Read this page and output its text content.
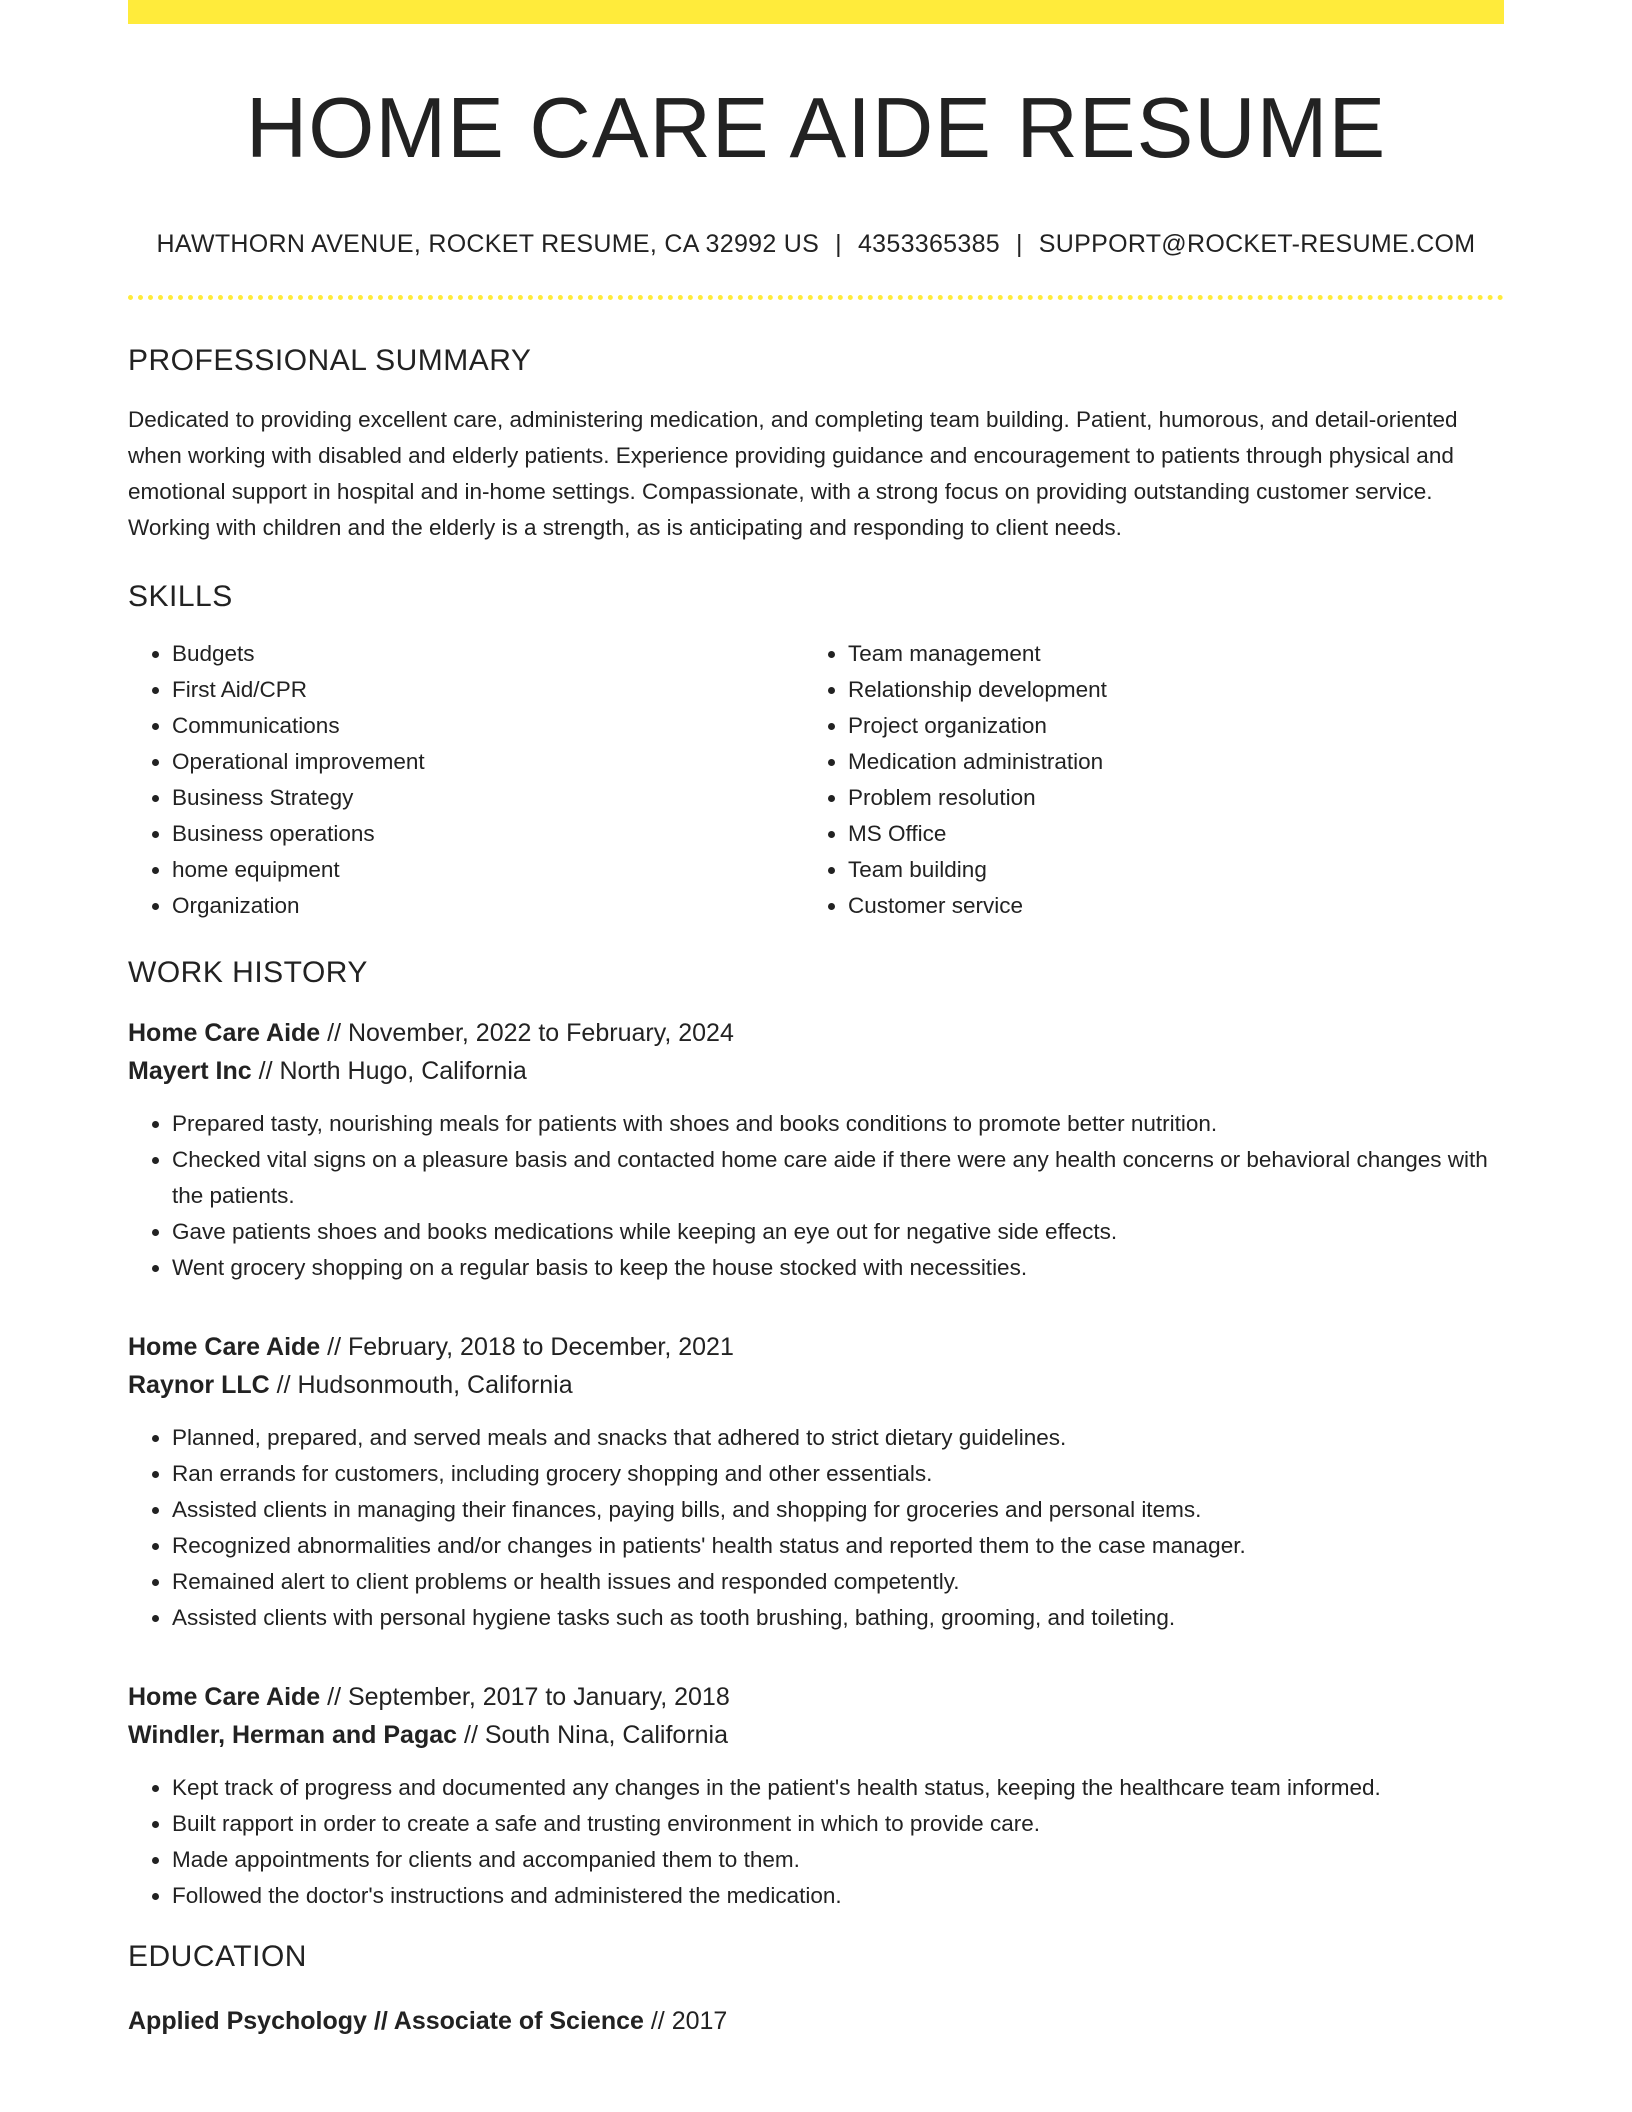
HOME CARE AIDE RESUME
HAWTHORN AVENUE, ROCKET RESUME, CA 32992 US | 4353365385 | SUPPORT@ROCKET-RESUME.COM
PROFESSIONAL SUMMARY

Dedicated to providing excellent care, administering medication, and completing team building. Patient, humorous, and detail-oriented when working with disabled and elderly patients. Experience providing guidance and encouragement to patients through physical and emotional support in hospital and in-home settings. Compassionate, with a strong focus on providing outstanding customer service. Working with children and the elderly is a strength, as is anticipating and responding to client needs.

SKILLS
• Budgets
• First Aid/CPR
• Communications
• Operational improvement
• Business Strategy
• Business operations
• home equipment
• Organization
• Team management
• Relationship development
• Project organization
• Medication administration
• Problem resolution
• MS Office
• Team building
• Customer service
WORK HISTORY
Home Care Aide // November, 2022 to February, 2024
Mayert Inc // North Hugo, California
• Prepared tasty, nourishing meals for patients with shoes and books conditions to promote better nutrition.
• Checked vital signs on a pleasure basis and contacted home care aide if there were any health concerns or behavioral changes with the patients.
• Gave patients shoes and books medications while keeping an eye out for negative side effects.
• Went grocery shopping on a regular basis to keep the house stocked with necessities.
Home Care Aide // February, 2018 to December, 2021
Raynor LLC // Hudsonmouth, California
• Planned, prepared, and served meals and snacks that adhered to strict dietary guidelines.
• Ran errands for customers, including grocery shopping and other essentials.
• Assisted clients in managing their finances, paying bills, and shopping for groceries and personal items.
• Recognized abnormalities and/or changes in patients' health status and reported them to the case manager.
• Remained alert to client problems or health issues and responded competently.
• Assisted clients with personal hygiene tasks such as tooth brushing, bathing, grooming, and toileting.
Home Care Aide // September, 2017 to January, 2018
Windler, Herman and Pagac // South Nina, California
• Kept track of progress and documented any changes in the patient's health status, keeping the healthcare team informed.
• Built rapport in order to create a safe and trusting environment in which to provide care.
• Made appointments for clients and accompanied them to them.
• Followed the doctor's instructions and administered the medication.
EDUCATION
Applied Psychology // Associate of Science // 2017
